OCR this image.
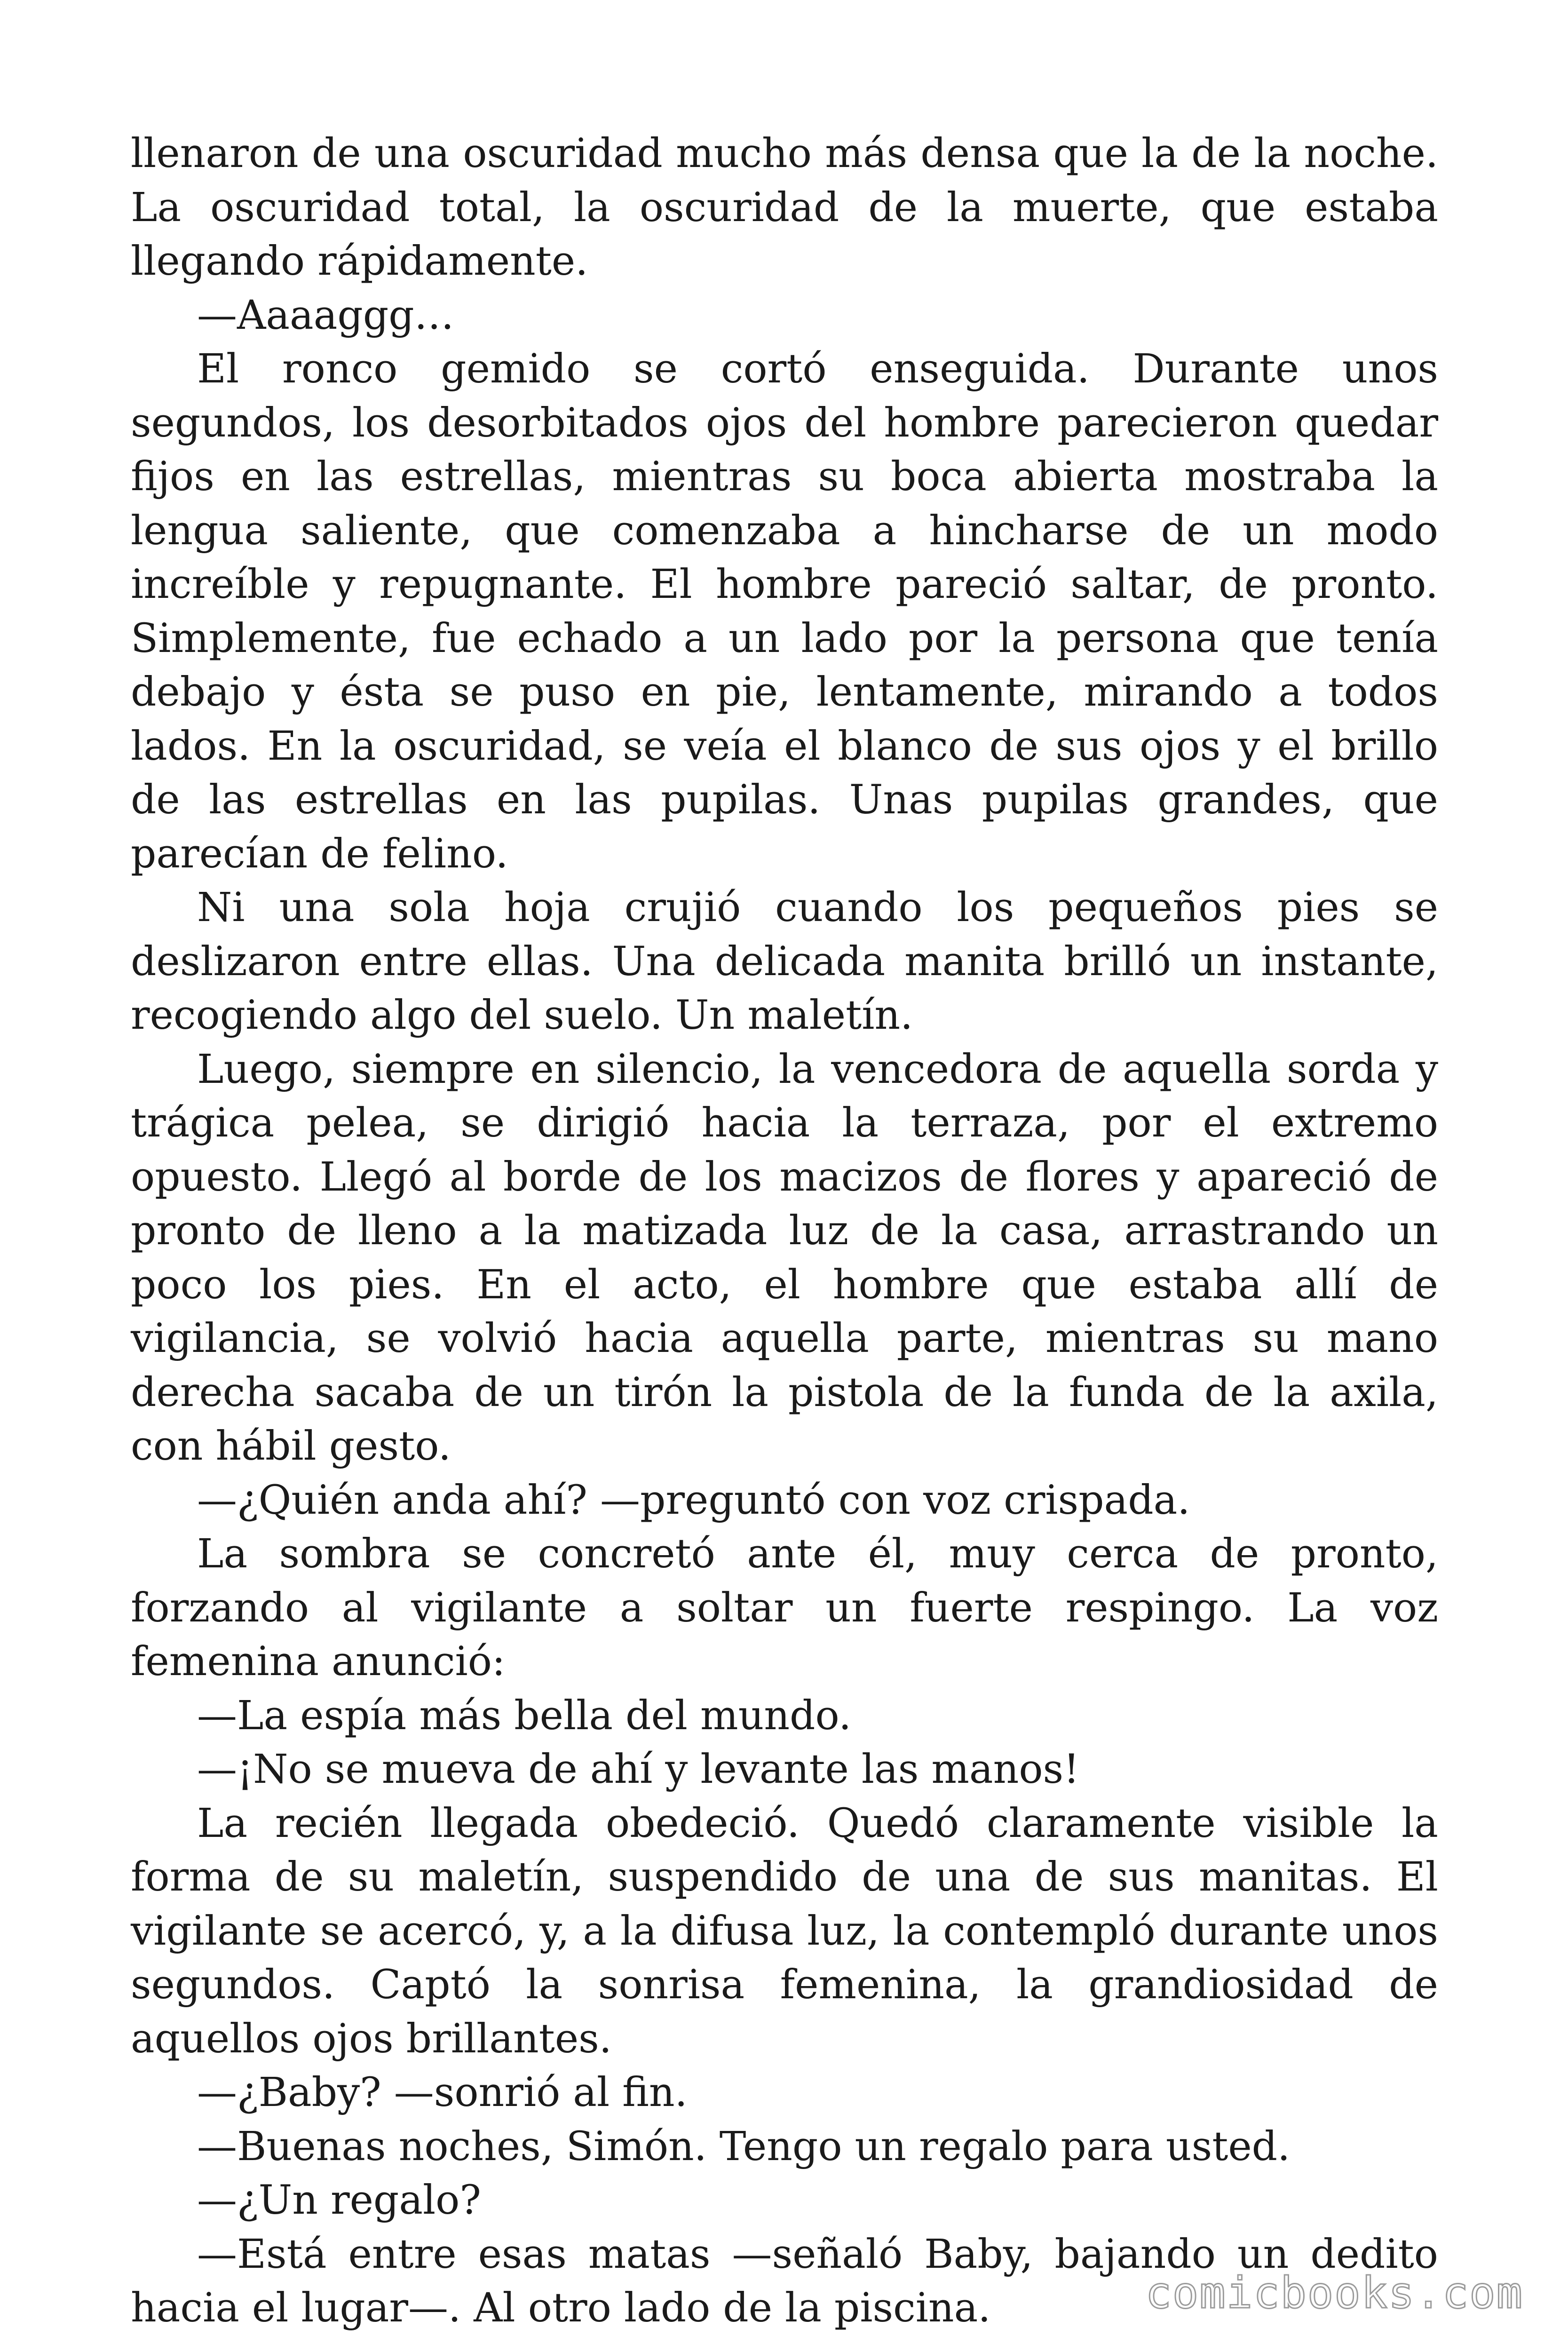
llenaron de una oscuridad mucho más densa que la de la noche. La oscuridad total, la oscuridad de la muerte, que estaba llegando rápidamente.

—Aaaaggg…

El ronco gemido se cortó enseguida. Durante unos segundos, los desorbitados ojos del hombre parecieron quedar fijos en las estrellas, mientras su boca abierta mostraba la lengua saliente, que comenzaba a hincharse de un modo increíble y repugnante. El hombre pareció saltar, de pronto. Simplemente, fue echado a un lado por la persona que tenía debajo y ésta se puso en pie, lentamente, mirando a todos lados. En la oscuridad, se veía el blanco de sus ojos y el brillo de las estrellas en las pupilas. Unas pupilas grandes, que parecían de felino.

Ni una sola hoja crujió cuando los pequeños pies se deslizaron entre ellas. Una delicada manita brilló un instante, recogiendo algo del suelo. Un maletín.

Luego, siempre en silencio, la vencedora de aquella sorda y trágica pelea, se dirigió hacia la terraza, por el extremo opuesto. Llegó al borde de los macizos de flores y apareció de pronto de lleno a la matizada luz de la casa, arrastrando un poco los pies. En el acto, el hombre que estaba allí de vigilancia, se volvió hacia aquella parte, mientras su mano derecha sacaba de un tirón la pistola de la funda de la axila, con hábil gesto.

—¿Quién anda ahí? —preguntó con voz crispada.

La sombra se concretó ante él, muy cerca de pronto, forzando al vigilante a soltar un fuerte respingo. La voz femenina anunció:

—La espía más bella del mundo.

—¡No se mueva de ahí y levante las manos!

La recién llegada obedeció. Quedó claramente visible la forma de su maletín, suspendido de una de sus manitas. El vigilante se acercó, y, a la difusa luz, la contempló durante unos segundos. Captó la sonrisa femenina, la grandiosidad de aquellos ojos brillantes.

—¿Baby? —sonrió al fin.

—Buenas noches, Simón. Tengo un regalo para usted.

—¿Un regalo?

—Está entre esas matas —señaló Baby, bajando un dedito hacia el lugar—. Al otro lado de la piscina.	comicbooks.com
